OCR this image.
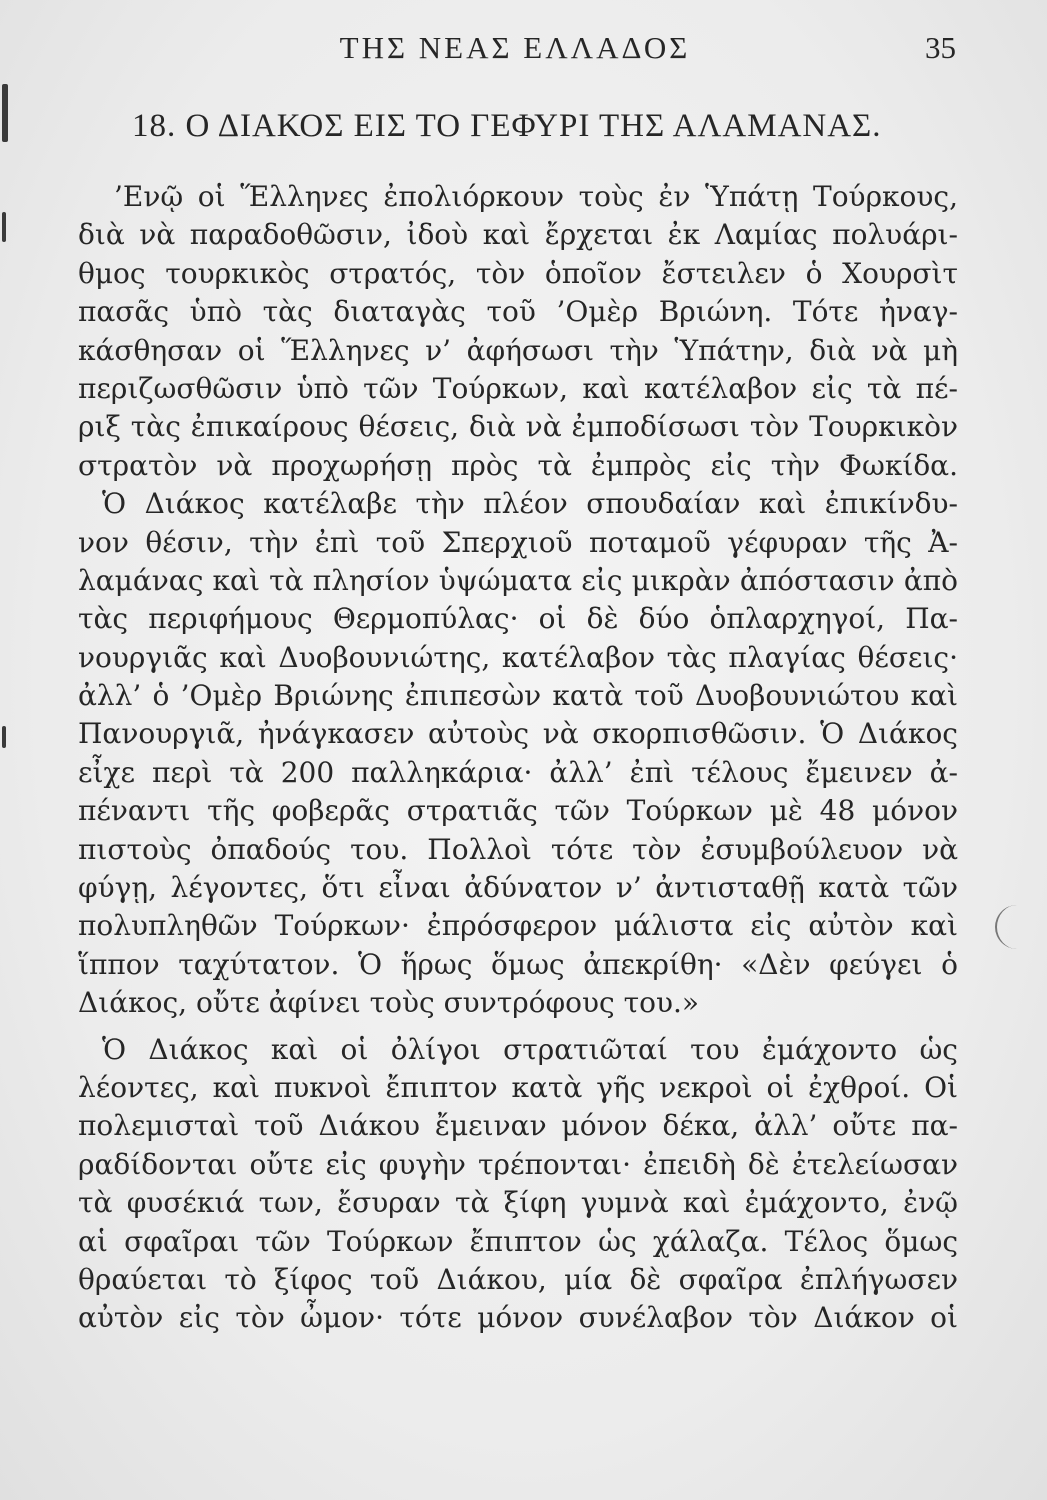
ΤΗΣ ΝΕΑΣ ΕΛΛΑΔΟΣ	35
18. Ο ΔΙΑΚΟΣ ΕΙΣ ΤΟ ΓΕΦΥΡΙ ΤΗΣ ΑΛΑΜΑΝΑΣ.
’Ενῷ οἱ Ἕλληνες ἐπολιόρκουν τοὺς ἐν Ὑπάτῃ Τούρκους,
διὰ νὰ παραδοθῶσιν, ἰδοὺ καὶ ἔρχεται ἐκ Λαμίας πολυάρι-
θμος τουρκικὸς στρατός, τὸν ὁποῖον ἔστειλεν ὁ Χουρσὶτ
πασᾶς ὑπὸ τὰς διαταγὰς τοῦ ’Ομὲρ Βριώνη. Τότε ἠναγ-
κάσθησαν οἱ Ἕλληνες ν’ ἀφήσωσι τὴν Ὑπάτην, διὰ νὰ μὴ
περιζωσθῶσιν ὑπὸ τῶν Τούρκων, καὶ κατέλαβον εἰς τὰ πέ-
ριξ τὰς ἐπικαίρους θέσεις, διὰ νὰ ἐμποδίσωσι τὸν Τουρκικὸν
στρατὸν νὰ προχωρήσῃ πρὸς τὰ ἐμπρὸς εἰς τὴν Φωκίδα.
Ὁ Διάκος κατέλαβε τὴν πλέον σπουδαίαν καὶ ἐπικίνδυ-
νον θέσιν, τὴν ἐπὶ τοῦ Σπερχιοῦ ποταμοῦ γέφυραν τῆς Ἀ-
λαμάνας καὶ τὰ πλησίον ὑψώματα εἰς μικρὰν ἀπόστασιν ἀπὸ
τὰς περιφήμους Θερμοπύλας· οἱ δὲ δύο ὁπλαρχηγοί, Πα-
νουργιᾶς καὶ Δυοβουνιώτης, κατέλαβον τὰς πλαγίας θέσεις·
ἀλλ’ ὁ ’Ομὲρ Βριώνης ἐπιπεσὼν κατὰ τοῦ Δυοβουνιώτου καὶ
Πανουργιᾶ, ἠνάγκασεν αὐτοὺς νὰ σκορπισθῶσιν. Ὁ Διάκος
εἶχε περὶ τὰ 200 παλληκάρια· ἀλλ’ ἐπὶ τέλους ἔμεινεν ἀ-
πέναντι τῆς φοβερᾶς στρατιᾶς τῶν Τούρκων μὲ 48 μόνον
πιστοὺς ὀπαδούς του. Πολλοὶ τότε τὸν ἐσυμβούλευον νὰ
φύγῃ, λέγοντες, ὅτι εἶναι ἀδύνατον ν’ ἀντισταθῇ κατὰ τῶν
πολυπληθῶν Τούρκων· ἐπρόσφερον μάλιστα εἰς αὐτὸν καὶ
ἵππον ταχύτατον. Ὁ ἥρως ὅμως ἀπεκρίθη· «Δὲν φεύγει ὁ
Διάκος, οὔτε ἀφίνει τοὺς συντρόφους του.»
Ὁ Διάκος καὶ οἱ ὀλίγοι στρατιῶταί του ἐμάχοντο ὡς
λέοντες, καὶ πυκνοὶ ἔπιπτον κατὰ γῆς νεκροὶ οἱ ἐχθροί. Οἱ
πολεμισταὶ τοῦ Διάκου ἔμειναν μόνον δέκα, ἀλλ’ οὔτε πα-
ραδίδονται οὔτε εἰς φυγὴν τρέπονται· ἐπειδὴ δὲ ἐτελείωσαν
τὰ φυσέκιά των, ἔσυραν τὰ ξίφη γυμνὰ καὶ ἐμάχοντο, ἐνῷ
αἱ σφαῖραι τῶν Τούρκων ἔπιπτον ὡς χάλαζα. Τέλος ὅμως
θραύεται τὸ ξίφος τοῦ Διάκου, μία δὲ σφαῖρα ἐπλήγωσεν
αὐτὸν εἰς τὸν ὦμον· τότε μόνον συνέλαβον τὸν Διάκον οἱ
